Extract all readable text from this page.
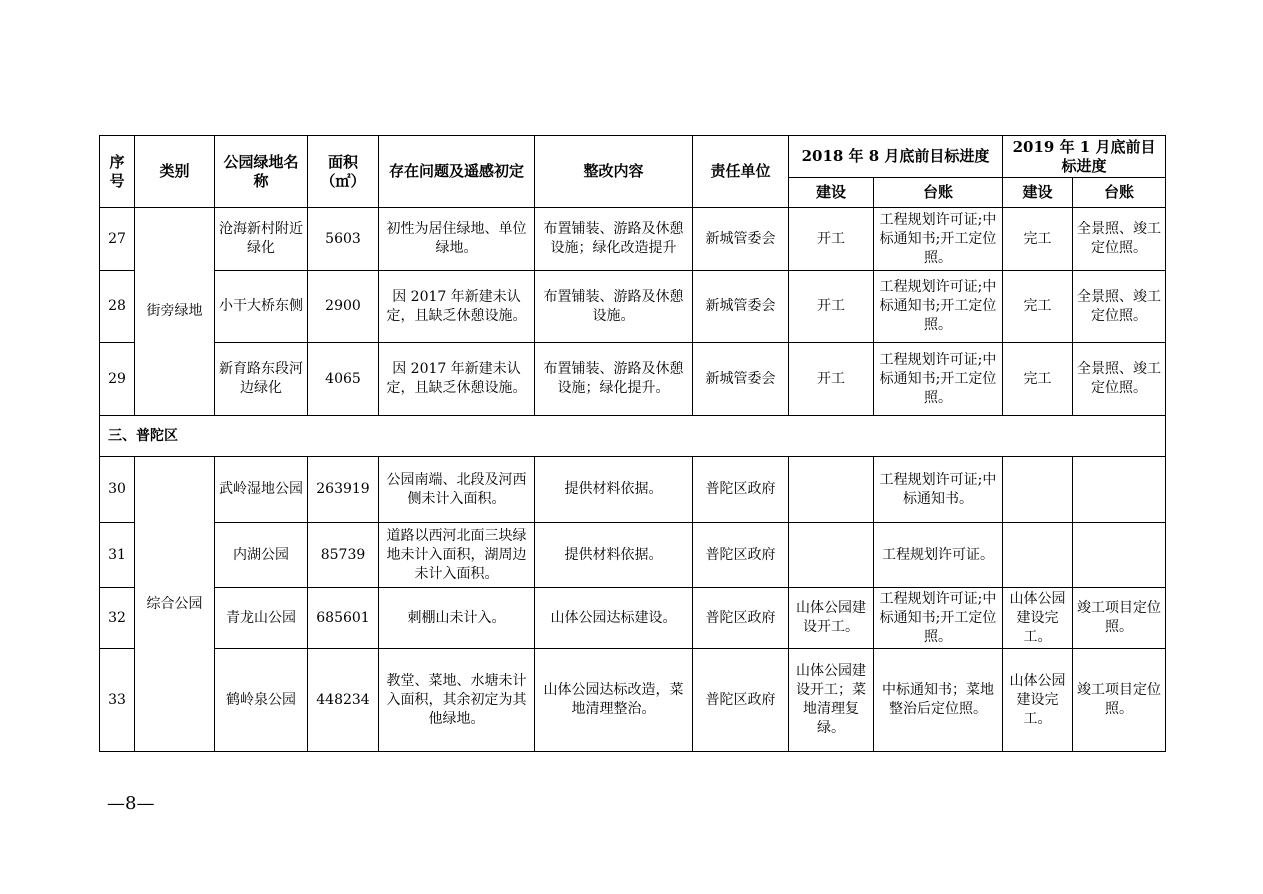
序号	类别	公园绿地名称	面积（㎡）	存在问题及遥感初定	整改内容	责任单位	2018 年 8 月底前目标进度		2019 年 1 月底前目标进度	
							建设	台账	建设	台账
27	街旁绿地	沧海新村附近绿化	5603	初性为居住绿地、单位绿地。	布置铺装、游路及休憩设施；绿化改造提升	新城管委会	开工	工程规划许可证;中标通知书;开工定位照。	完工	全景照、竣工定位照。
28		小干大桥东侧	2900	因 2017 年新建未认定，且缺乏休憩设施。	布置铺装、游路及休憩设施。	新城管委会	开工	工程规划许可证;中标通知书;开工定位照。	完工	全景照、竣工定位照。
29		新育路东段河边绿化	4065	因 2017 年新建未认定，且缺乏休憩设施。	布置铺装、游路及休憩设施；绿化提升。	新城管委会	开工	工程规划许可证;中标通知书;开工定位照。	完工	全景照、竣工定位照。
三、普陀区										
30	综合公园	武岭湿地公园	263919	公园南端、北段及河西侧未计入面积。	提供材料依据。	普陀区政府		工程规划许可证;中标通知书。		
31		内湖公园	85739	道路以西河北面三块绿地未计入面积，湖周边未计入面积。	提供材料依据。	普陀区政府		工程规划许可证。		
32		青龙山公园	685601	刺棚山未计入。	山体公园达标建设。	普陀区政府	山体公园建设开工。	工程规划许可证;中标通知书;开工定位照。	山体公园建设完工。	竣工项目定位照。
33		鹤岭泉公园	448234	教堂、菜地、水塘未计入面积，其余初定为其他绿地。	山体公园达标改造，菜地清理整治。	普陀区政府	山体公园建设开工；菜地清理复绿。	中标通知书；菜地整治后定位照。	山体公园建设完工。	竣工项目定位照。
—8—
